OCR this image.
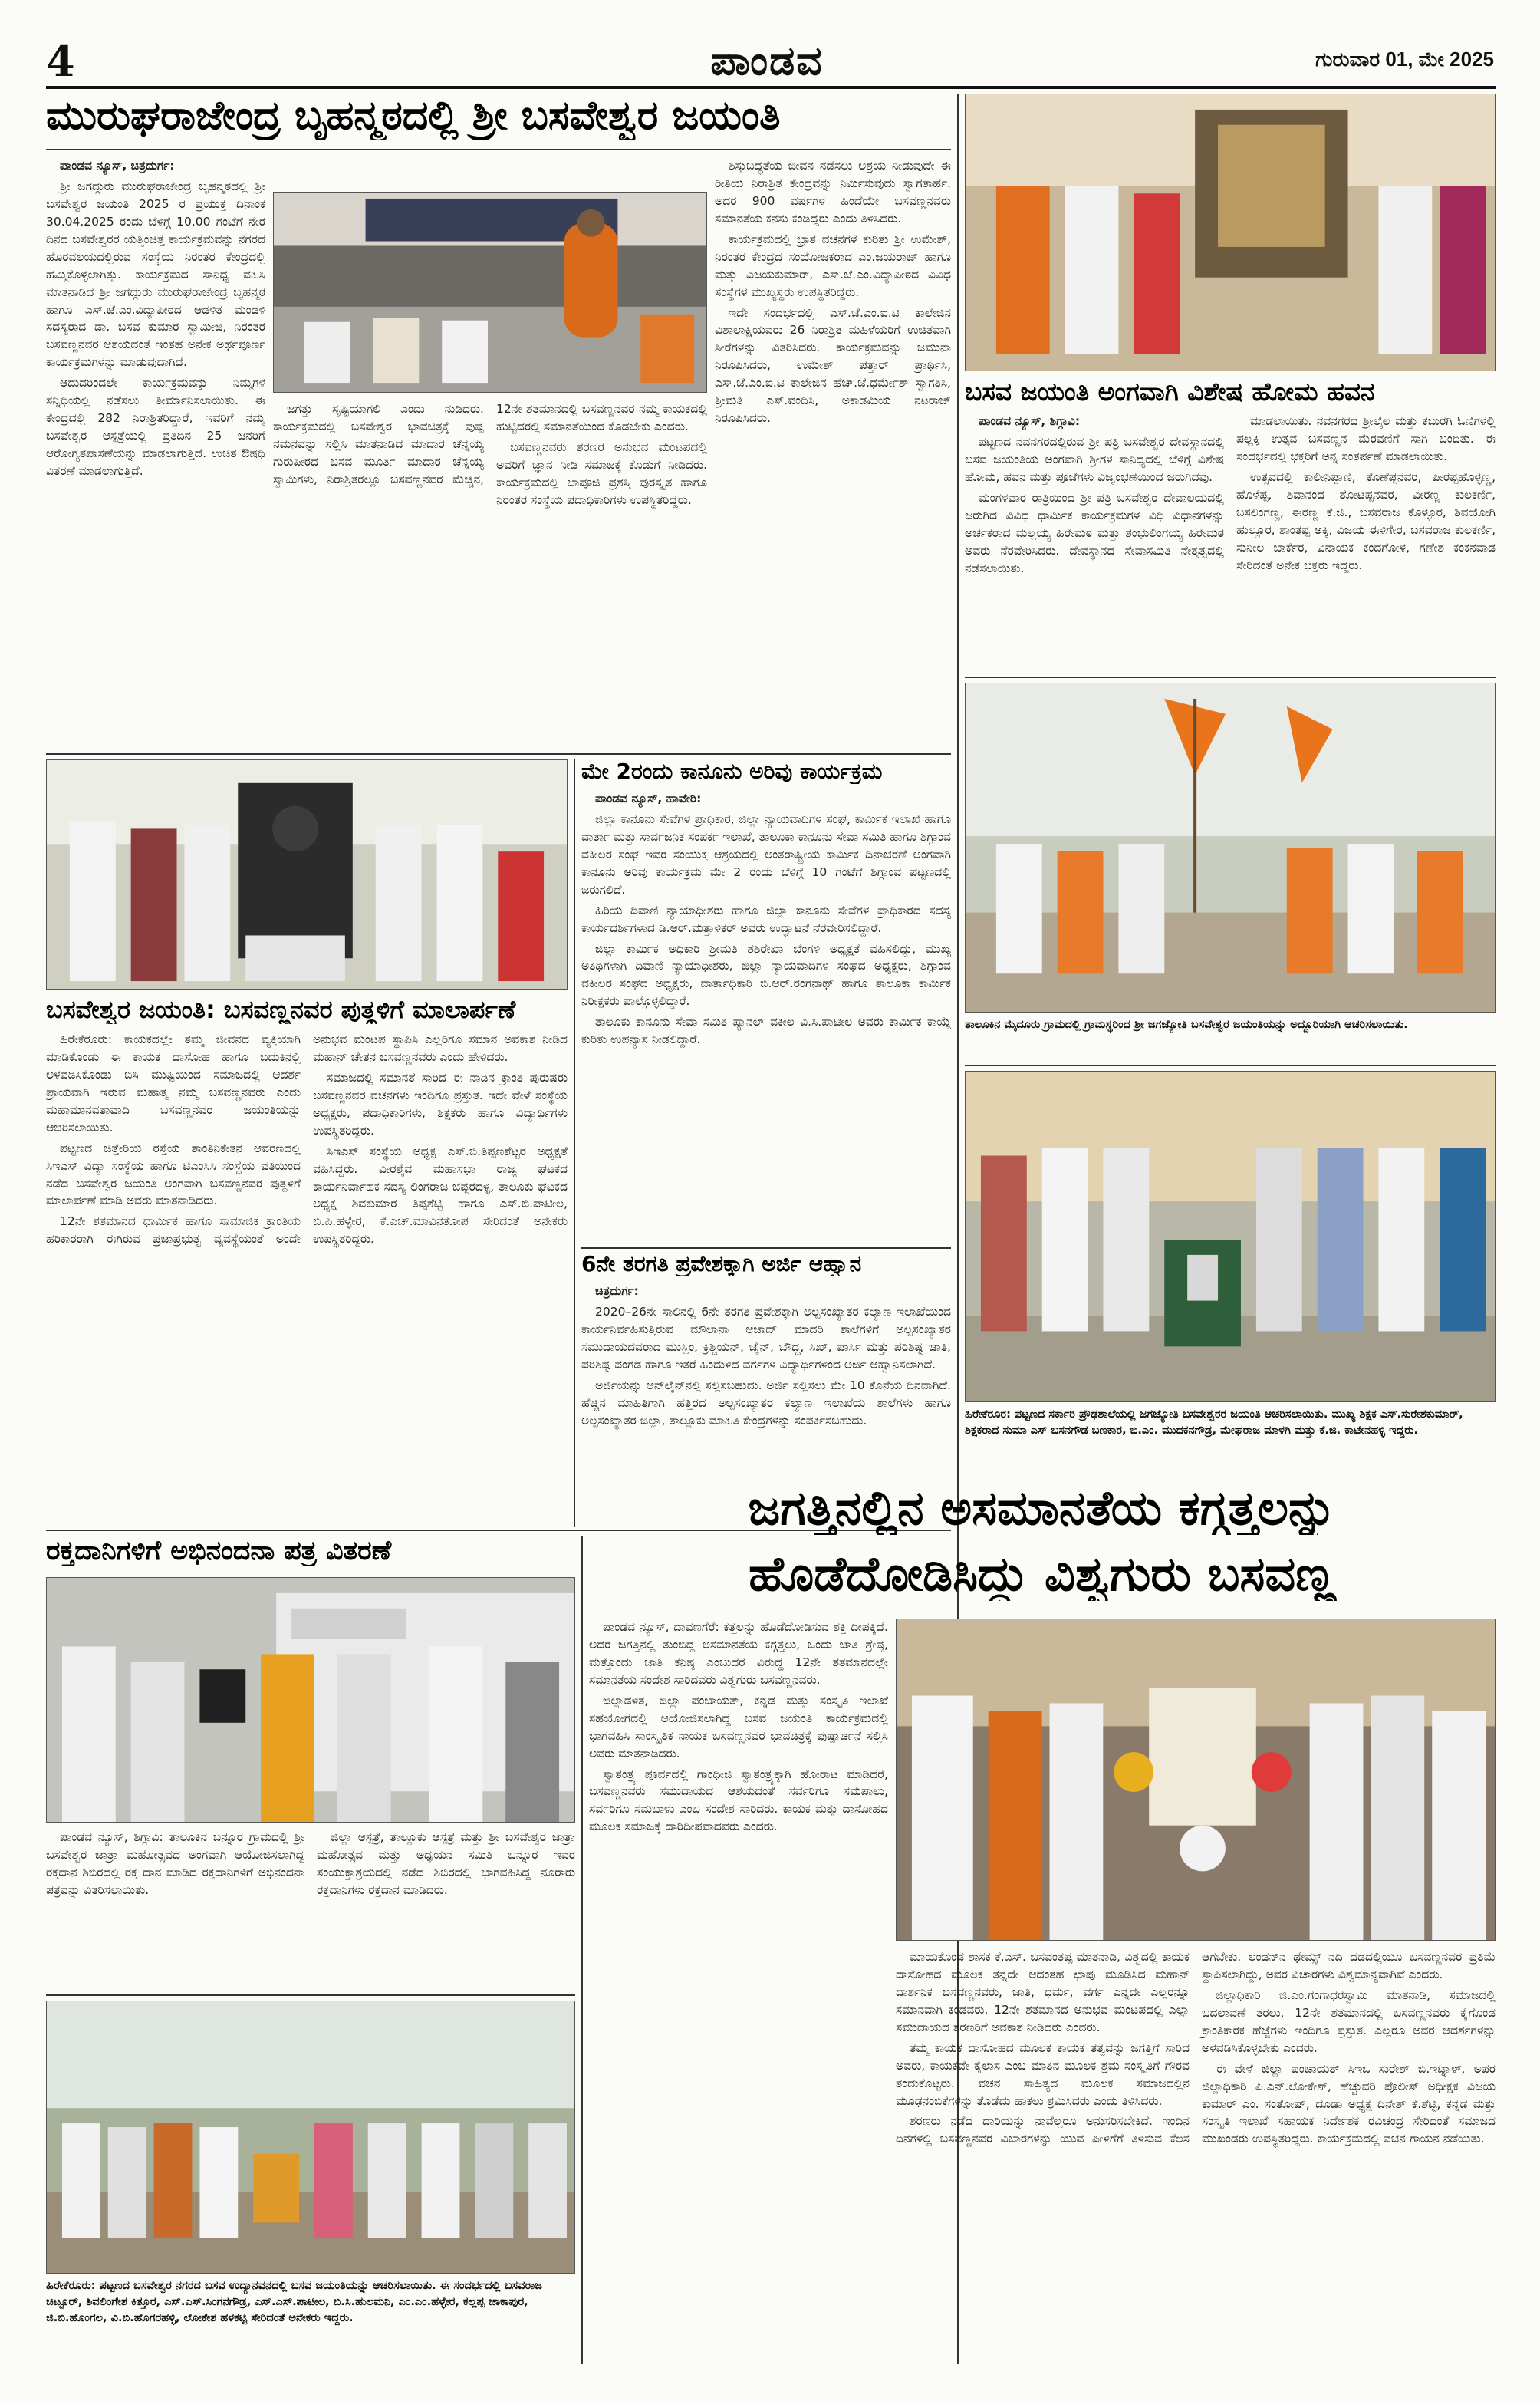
4	ಪಾಂಡವ	ಗುರುವಾರ 01, ಮೇ 2025
ಮುರುಘರಾಜೇಂದ್ರ ಬೃಹನ್ಮಠದಲ್ಲಿ ಶ್ರೀ ಬಸವೇಶ್ವರ ಜಯಂತಿ

ಪಾಂಡವ ನ್ಯೂಸ್, ಚಿತ್ರದುರ್ಗ:

ಶ್ರೀ ಜಗದ್ಗುರು ಮುರುಘರಾಜೇಂದ್ರ ಬೃಹನ್ಮಠದಲ್ಲಿ ಶ್ರೀ ಬಸವೇಶ್ವರ ಜಯಂತಿ 2025 ರ ಪ್ರಯುಕ್ತ ದಿನಾಂಕ 30.04.2025 ರಂದು ಬೆಳಿಗ್ಗೆ 10.00 ಗಂಟೆಗೆ ನೇರ ದಿನದ ಬಸವೇಶ್ವರರ ಯತ್ಕಿಂಚಿತ್ತ ಕಾರ್ಯಕ್ರಮವನ್ನು ನಗರದ ಹೊರವಲಯದಲ್ಲಿರುವ ಸಂಸ್ಥೆಯ ನಿರಂತರ ಕೇಂದ್ರದಲ್ಲಿ ಹಮ್ಮಿಕೊಳ್ಳಲಾಗಿತ್ತು. ಕಾರ್ಯಕ್ರಮದ ಸಾನಿಧ್ಯ ವಹಿಸಿ ಮಾತನಾಡಿದ ಶ್ರೀ ಜಗದ್ಗುರು ಮುರುಘರಾಜೇಂದ್ರ ಬೃಹನ್ಮಠ ಹಾಗೂ ಎಸ್.ಜೆ.ಎಂ.ವಿದ್ಯಾಪೀಠದ ಆಡಳಿತ ಮಂಡಳಿ ಸದಸ್ಯರಾದ ಡಾ. ಬಸವ ಕುಮಾರ ಸ್ವಾಮೀಜಿ, ನಿರಂತರ ಬಸವಣ್ಣನವರ ಆಶಯದಂತೆ ಇಂತಹ ಅನೇಕ ಅರ್ಥಪೂರ್ಣ ಕಾರ್ಯಕ್ರಮಗಳನ್ನು ಮಾಡುವುದಾಗಿದೆ.

ಆದುದರಿಂದಲೇ ಕಾರ್ಯಕ್ರಮವನ್ನು ನಿಮ್ಮಗಳ ಸನ್ನಿಧಿಯಲ್ಲಿ ನಡೆಸಲು ತೀರ್ಮಾನಿಸಲಾಯಿತು. ಈ ಕೇಂದ್ರದಲ್ಲಿ 282 ನಿರಾಶ್ರಿತರಿದ್ದಾರೆ, ಇವರಿಗೆ ನಮ್ಮ ಬಸವೇಶ್ವರ ಆಸ್ಪತ್ರೆಯಲ್ಲಿ ಪ್ರತಿದಿನ 25 ಜನರಿಗೆ ಆರೋಗ್ಯತಪಾಸಣೆಯನ್ನು ಮಾಡಲಾಗುತ್ತಿದೆ. ಉಚಿತ ಔಷಧಿ ವಿತರಣೆ ಮಾಡಲಾಗುತ್ತಿದೆ.

ಜಗತ್ತು ಸೃಷ್ಟಿಯಾಗಲಿ ಎಂದು ನುಡಿದರು. ಕಾರ್ಯಕ್ರಮದಲ್ಲಿ ಬಸವೇಶ್ವರ ಭಾವಚಿತ್ರಕ್ಕೆ ಪುಷ್ಪ ನಮನವನ್ನು ಸಲ್ಲಿಸಿ ಮಾತನಾಡಿದ ಮಾದಾರ ಚೆನ್ನಯ್ಯ ಗುರುಪೀಠದ ಬಸವ ಮೂರ್ತಿ ಮಾದಾರ ಚೆನ್ನಯ್ಯ ಸ್ವಾಮಿಗಳು, ನಿರಾಶ್ರಿತರಲ್ಲೂ ಬಸವಣ್ಣನವರ ಮೆಚ್ಚಿನ, 12ನೇ ಶತಮಾನದಲ್ಲಿ ಬಸವಣ್ಣನವರ ನಮ್ಮ ಕಾಯಕದಲ್ಲಿ ಹುಟ್ಟಿದರಲ್ಲಿ ಸಮಾನತೆಯಿಂದ ಕೊಡಬೇಕು ಎಂದರು.

ಬಸವಣ್ಣನವರು ಶರಣರ ಅನುಭವ ಮಂಟಪದಲ್ಲಿ ಅವರಿಗೆ ಜ್ಞಾನ ನೀಡಿ ಸಮಾಜಕ್ಕೆ ಕೊಡುಗೆ ನೀಡಿದರು. ಕಾರ್ಯಕ್ರಮದಲ್ಲಿ ಬಾಪೂಜಿ ಪ್ರಶಸ್ತಿ ಪುರಸ್ಕೃತ ಹಾಗೂ ನಿರಂತರ ಸಂಸ್ಥೆಯ ಪದಾಧಿಕಾರಿಗಳು ಉಪಸ್ಥಿತರಿದ್ದರು.

ಶಿಸ್ತುಬದ್ಧತೆಯ ಜೀವನ ನಡೆಸಲು ಅಶ್ರಯ ನೀಡುವುದೇ ಈ ರೀತಿಯ ನಿರಾಶ್ರಿತ ಕೇಂದ್ರವನ್ನು ನಿರ್ಮಿಸುವುದು ಸ್ವಾಗತಾರ್ಹ. ಅದರ 900 ವರ್ಷಗಳ ಹಿಂದೆಯೇ ಬಸವಣ್ಣನವರು ಸಮಾನತೆಯ ಕನಸು ಕಂಡಿದ್ದರು ಎಂದು ತಿಳಿಸಿದರು.

ಕಾರ್ಯಕ್ರಮದಲ್ಲಿ ಭ್ರಾತ ವಚನಗಳ ಕುರಿತು ಶ್ರೀ ಉಮೇಶ್, ನಿರಂತರ ಕೇಂದ್ರದ ಸಂಯೋಜಕರಾದ ಎಂ.ಜಯರಾಜ್ ಹಾಗೂ ಮತ್ತು ವಿಜಯಕುಮಾರ್, ಎಸ್.ಜೆ.ಎಂ.ವಿದ್ಯಾಪೀಠದ ವಿವಿಧ ಸಂಸ್ಥೆಗಳ ಮುಖ್ಯಸ್ಥರು ಉಪಸ್ಥಿತರಿದ್ದರು.

ಇದೇ ಸಂದರ್ಭದಲ್ಲಿ ಎಸ್.ಜೆ.ಎಂ.ಐ.ಟಿ ಕಾಲೇಜಿನ ವಿಶಾಲಾಕ್ಷಿಯವರು 26 ನಿರಾಶ್ರಿತ ಮಹಿಳೆಯರಿಗೆ ಉಚಿತವಾಗಿ ಸೀರೆಗಳನ್ನು ವಿತರಿಸಿದರು. ಕಾರ್ಯಕ್ರಮವನ್ನು ಜಮುನಾ ನಿರೂಪಿಸಿದರು, ಉಮೇಶ್ ಪತ್ತಾರ್ ಪ್ರಾರ್ಥಿಸಿ, ಎಸ್.ಜೆ.ಎಂ.ಐ.ಟಿ ಕಾಲೇಜಿನ ಹೆಚ್.ಜೆ.ಧರ್ಮೇಶ್ ಸ್ವಾಗತಿಸಿ, ಶ್ರೀಮತಿ ಎಸ್.ವಂದಿಸಿ, ಅಕಾಡಮಿಯ ನಟರಾಜ್ ನಿರೂಪಿಸಿದರು.

ಬಸವ ಜಯಂತಿ ಅಂಗವಾಗಿ ವಿಶೇಷ ಹೋಮ ಹವನ

ಪಾಂಡವ ನ್ಯೂಸ್, ಶಿಗ್ಗಾವಿ:

ಪಟ್ಟಣದ ನವನಗರದಲ್ಲಿರುವ ಶ್ರೀ ಪತ್ರಿ ಬಸವೇಶ್ವರ ದೇವಸ್ಥಾನದಲ್ಲಿ ಬಸವ ಜಯಂತಿಯ ಅಂಗವಾಗಿ ಶ್ರೀಗಳ ಸಾನಿಧ್ಯದಲ್ಲಿ ಬೆಳಿಗ್ಗೆ ವಿಶೇಷ ಹೋಮ, ಹವನ ಮತ್ತು ಪೂಜೆಗಳು ವಿಜೃಂಭಣೆಯಿಂದ ಜರುಗಿದವು.

ಮಂಗಳವಾರ ರಾತ್ರಿಯಿಂದ ಶ್ರೀ ಪತ್ರಿ ಬಸವೇಶ್ವರ ದೇವಾಲಯದಲ್ಲಿ ಜರುಗಿದ ವಿವಿಧ ಧಾರ್ಮಿಕ ಕಾರ್ಯಕ್ರಮಗಳ ವಿಧಿ ವಿಧಾನಗಳನ್ನು ಅರ್ಚಕರಾದ ಮಲ್ಲಯ್ಯ ಹಿರೇಮಠ ಮತ್ತು ಶಂಭುಲಿಂಗಯ್ಯ ಹಿರೇಮಠ ಅವರು ನೆರವೇರಿಸಿದರು. ದೇವಸ್ಥಾನದ ಸೇವಾಸಮಿತಿ ನೇತೃತ್ವದಲ್ಲಿ ನಡೆಸಲಾಯಿತು.

ಮಾಡಲಾಯಿತು. ನವನಗರದ ಶ್ರೀಲೈಲ ಮತ್ತು ಕಬುರಗಿ ಓಣಿಗಳಲ್ಲಿ ಪಲ್ಲಕ್ಕಿ ಉತ್ಸವ ಬಸವಣ್ಣನ ಮೆರವಣಿಗೆ ಸಾಗಿ ಬಂದಿತು. ಈ ಸಂದರ್ಭದಲ್ಲಿ ಭಕ್ತರಿಗೆ ಅನ್ನ ಸಂತರ್ಪಣೆ ಮಾಡಲಾಯಿತು.

ಉತ್ಸವದಲ್ಲಿ ಕಾಲೀನಿಪ್ಪಾಣಿ, ಕೊಣೆಪ್ಪನವರ, ಪೀರಪ್ಪಹೊಳ್ಳಣ್ಣ, ಹೊಳೆಪ್ಪ, ಶಿವಾನಂದ ತೋಟಪ್ಪನವರ, ವೀರಣ್ಣ ಕುಲಕರ್ಣಿ, ಬಸಲಿಂಗಣ್ಣ, ಈರಣ್ಣ ಕೆ.ಜಿ., ಬಸವರಾಜ ಕೊಳ್ಳೂರ, ಶಿವಯೋಗಿ ಹುಲ್ಲೂರ, ಶಾಂತಪ್ಪ ಅಕ್ಕಿ, ವಿಜಯ ಈಳಿಗೇರ, ಬಸವರಾಜ ಕುಲಕರ್ಣಿ, ಸುನೀಲ ಬಾರ್ಕೆರ, ವಿನಾಯಕ ಕಂದಗೋಳ, ಗಣೇಶ ಕಂಕನವಾಡ ಸೇರಿದಂತೆ ಅನೇಕ ಭಕ್ತರು ಇದ್ದರು.

ತಾಲೂಕಿನ ಮೈದೂರು ಗ್ರಾಮದಲ್ಲಿ ಗ್ರಾಮಸ್ಥರಿಂದ ಶ್ರೀ ಜಗಜ್ಯೋತಿ ಬಸವೇಶ್ವರ ಜಯಂತಿಯನ್ನು ಅದ್ದೂರಿಯಾಗಿ ಆಚರಿಸಲಾಯಿತು.
ಹಿರೇಕೆರೂರ: ಪಟ್ಟಣದ ಸರ್ಕಾರಿ ಪ್ರೌಢಶಾಲೆಯಲ್ಲಿ ಜಗಜ್ಯೋತಿ ಬಸವೇಶ್ವರರ ಜಯಂತಿ ಆಚರಿಸಲಾಯಿತು. ಮುಖ್ಯ ಶಿಕ್ಷಕ ಎಸ್.ಸುರೇಶಕುಮಾರ್, ಶಿಕ್ಷಕರಾದ ಸುಮಾ ಎಸ್ ಬಸನಗೌಡ ಬಣಕಾರ, ಬಿ.ಎಂ. ಮುದಕನಗೌಡ್ರ, ಮೇಘರಾಜ ಮಾಳಗಿ ಮತ್ತು ಕೆ.ಜಿ. ಕಾಟೇನಹಳ್ಳಿ ಇದ್ದರು.
ಬಸವೇಶ್ವರ ಜಯಂತಿ: ಬಸವಣ್ಣನವರ ಪುತ್ಥಳಿಗೆ ಮಾಲಾರ್ಪಣೆ

ಹಿರೇಕೆರೂರು: ಕಾಯಕದಲ್ಲೇ ತಮ್ಮ ಜೀವನದ ವ್ಯಕ್ತಿಯಾಗಿ ಮಾಡಿಕೊಂಡು ಈ ಕಾಯಕ ದಾಸೋಹ ಹಾಗೂ ಬದುಕಿನಲ್ಲಿ ಅಳವಡಿಸಿಕೊಂಡು ಬಿಸಿ ಮುಷ್ಟಿಯಿಂದ ಸಮಾಜದಲ್ಲಿ ಆದರ್ಶ ಪ್ರಾಯವಾಗಿ ಇರುವ ಮಹಾತ್ಮ ನಮ್ಮ ಬಸವಣ್ಣನವರು ಎಂದು ಮಹಾಮಾನವತಾವಾದಿ ಬಸವಣ್ಣನವರ ಜಯಂತಿಯನ್ನು ಆಚರಿಸಲಾಯಿತು.

ಪಟ್ಟಣದ ಚಿತ್ತೇರಿಯ ರಸ್ತೆಯ ಶಾಂತಿನಿಕೇತನ ಆವರಣದಲ್ಲಿ ಸಿಇಎಸ್ ವಿದ್ಯಾ ಸಂಸ್ಥೆಯ ಹಾಗೂ ಟಿಎಂಸಿಸಿ ಸಂಸ್ಥೆಯ ವತಿಯಿಂದ ನಡೆದ ಬಸವೇಶ್ವರ ಜಯಂತಿ ಅಂಗವಾಗಿ ಬಸವಣ್ಣನವರ ಪುತ್ಥಳಿಗೆ ಮಾಲಾರ್ಪಣೆ ಮಾಡಿ ಅವರು ಮಾತನಾಡಿದರು.

12ನೇ ಶತಮಾನದ ಧಾರ್ಮಿಕ ಹಾಗೂ ಸಾಮಾಜಿಕ ಕ್ರಾಂತಿಯ ಹರಿಕಾರರಾಗಿ ಈಗಿರುವ ಪ್ರಜಾಪ್ರಭುತ್ವ ವ್ಯವಸ್ಥೆಯಂತೆ ಅಂದೇ ಅನುಭವ ಮಂಟಪ ಸ್ಥಾಪಿಸಿ ಎಲ್ಲರಿಗೂ ಸಮಾನ ಅವಕಾಶ ನೀಡಿದ ಮಹಾನ್ ಚೇತನ ಬಸವಣ್ಣನವರು ಎಂದು ಹೇಳಿದರು.

ಸಮಾಜದಲ್ಲಿ ಸಮಾನತೆ ಸಾರಿದ ಈ ನಾಡಿನ ಕ್ರಾಂತಿ ಪುರುಷರು ಬಸವಣ್ಣನವರ ವಚನಗಳು ಇಂದಿಗೂ ಪ್ರಸ್ತುತ. ಇದೇ ವೇಳೆ ಸಂಸ್ಥೆಯ ಅಧ್ಯಕ್ಷರು, ಪದಾಧಿಕಾರಿಗಳು, ಶಿಕ್ಷಕರು ಹಾಗೂ ವಿದ್ಯಾರ್ಥಿಗಳು ಉಪಸ್ಥಿತರಿದ್ದರು.

ಸಿಇಎಸ್ ಸಂಸ್ಥೆಯ ಅಧ್ಯಕ್ಷ ಎಸ್.ಬಿ.ತಿಪ್ಪಣಶೆಟ್ಟರ ಅಧ್ಯಕ್ಷತೆ ವಹಿಸಿದ್ದರು. ವೀರಶೈವ ಮಹಾಸಭಾ ರಾಜ್ಯ ಘಟಕದ ಕಾರ್ಯನಿರ್ವಾಹಕ ಸದಸ್ಯ ಲಿಂಗರಾಜ ಚಪ್ಪರದಳ್ಳಿ, ತಾಲೂಕು ಘಟಕದ ಅಧ್ಯಕ್ಷ ಶಿವಕುಮಾರ ತಿಪ್ಪಶೆಟ್ಟಿ ಹಾಗೂ ಎಸ್.ಬಿ.ಪಾಟೀಲ, ಬಿ.ಪಿ.ಹಳ್ಳೇರ, ಕೆ.ಎಚ್.ಮಾವಿನತೋಪ ಸೇರಿದಂತೆ ಅನೇಕರು ಉಪಸ್ಥಿತರಿದ್ದರು.

ಮೇ 2ರಂದು ಕಾನೂನು ಅರಿವು ಕಾರ್ಯಕ್ರಮ

ಪಾಂಡವ ನ್ಯೂಸ್, ಹಾವೇರಿ:

ಜಿಲ್ಲಾ ಕಾನೂನು ಸೇವೆಗಳ ಪ್ರಾಧಿಕಾರ, ಜಿಲ್ಲಾ ನ್ಯಾಯವಾದಿಗಳ ಸಂಘ, ಕಾರ್ಮಿಕ ಇಲಾಖೆ ಹಾಗೂ ವಾರ್ತಾ ಮತ್ತು ಸಾರ್ವಜನಿಕ ಸಂಪರ್ಕ ಇಲಾಖೆ, ತಾಲೂಕಾ ಕಾನೂನು ಸೇವಾ ಸಮಿತಿ ಹಾಗೂ ಶಿಗ್ಗಾಂವ ವಕೀಲರ ಸಂಘ ಇವರ ಸಂಯುಕ್ತ ಆಶ್ರಯದಲ್ಲಿ ಅಂತರಾಷ್ಟ್ರೀಯ ಕಾರ್ಮಿಕ ದಿನಾಚರಣೆ ಅಂಗವಾಗಿ ಕಾನೂನು ಅರಿವು ಕಾರ್ಯಕ್ರಮ ಮೇ 2 ರಂದು ಬೆಳಿಗ್ಗೆ 10 ಗಂಟೆಗೆ ಶಿಗ್ಗಾಂವ ಪಟ್ಟಣದಲ್ಲಿ ಜರುಗಲಿದೆ.

ಹಿರಿಯ ದಿವಾಣಿ ನ್ಯಾಯಾಧೀಶರು ಹಾಗೂ ಜಿಲ್ಲಾ ಕಾನೂನು ಸೇವೆಗಳ ಪ್ರಾಧಿಕಾರದ ಸದಸ್ಯ ಕಾರ್ಯದರ್ಶಿಗಳಾದ ಡಿ.ಆರ್.ಮತ್ತಾಳಿಕರ್ ಅವರು ಉದ್ಘಾಟನೆ ನೆರವೇರಿಸಲಿದ್ದಾರೆ.

ಜಿಲ್ಲಾ ಕಾರ್ಮಿಕ ಅಧಿಕಾರಿ ಶ್ರೀಮತಿ ಶಶಿರೇಖಾ ಬೆಂಗಳಿ ಅಧ್ಯಕ್ಷತೆ ವಹಿಸಲಿದ್ದು, ಮುಖ್ಯ ಅತಿಥಿಗಳಾಗಿ ದಿವಾಣಿ ನ್ಯಾಯಾಧೀಶರು, ಜಿಲ್ಲಾ ನ್ಯಾಯವಾದಿಗಳ ಸಂಘದ ಅಧ್ಯಕ್ಷರು, ಶಿಗ್ಗಾಂವ ವಕೀಲರ ಸಂಘದ ಅಧ್ಯಕ್ಷರು, ವಾರ್ತಾಧಿಕಾರಿ ಬಿ.ಆರ್.ರಂಗನಾಥ್ ಹಾಗೂ ತಾಲೂಕಾ ಕಾರ್ಮಿಕ ನಿರೀಕ್ಷಕರು ಪಾಲ್ಗೊಳ್ಳಲಿದ್ದಾರೆ.

ತಾಲೂಕು ಕಾನೂನು ಸೇವಾ ಸಮಿತಿ ಪ್ಯಾನಲ್ ವಕೀಲ ವಿ.ಸಿ.ಪಾಟೀಲ ಅವರು ಕಾರ್ಮಿಕ ಕಾಯ್ದೆ ಕುರಿತು ಉಪನ್ಯಾಸ ನೀಡಲಿದ್ದಾರೆ.

6ನೇ ತರಗತಿ ಪ್ರವೇಶಕ್ಕಾಗಿ ಅರ್ಜಿ ಆಹ್ವಾನ

ಚಿತ್ರದುರ್ಗ:

2020–26ನೇ ಸಾಲಿನಲ್ಲಿ 6ನೇ ತರಗತಿ ಪ್ರವೇಶಕ್ಕಾಗಿ ಅಲ್ಪಸಂಖ್ಯಾತರ ಕಲ್ಯಾಣ ಇಲಾಖೆಯಿಂದ ಕಾರ್ಯನಿರ್ವಹಿಸುತ್ತಿರುವ ಮೌಲಾನಾ ಆಜಾದ್ ಮಾದರಿ ಶಾಲೆಗಳಿಗೆ ಅಲ್ಪಸಂಖ್ಯಾತರ ಸಮುದಾಯದವರಾದ ಮುಸ್ಲಿಂ, ಕ್ರಿಶ್ಚಿಯನ್, ಜೈನ್, ಬೌದ್ಧ, ಸಿಖ್, ಪಾರ್ಸಿ ಮತ್ತು ಪರಿಶಿಷ್ಟ ಜಾತಿ, ಪರಿಶಿಷ್ಟ ಪಂಗಡ ಹಾಗೂ ಇತರೆ ಹಿಂದುಳಿದ ವರ್ಗಗಳ ವಿದ್ಯಾರ್ಥಿಗಳಿಂದ ಅರ್ಜಿ ಆಹ್ವಾನಿಸಲಾಗಿದೆ.

ಅರ್ಜಿಯನ್ನು ಆನ್‌ಲೈನ್‌ನಲ್ಲಿ ಸಲ್ಲಿಸಬಹುದು. ಅರ್ಜಿ ಸಲ್ಲಿಸಲು ಮೇ 10 ಕೊನೆಯ ದಿನವಾಗಿದೆ. ಹೆಚ್ಚಿನ ಮಾಹಿತಿಗಾಗಿ ಹತ್ತಿರದ ಅಲ್ಪಸಂಖ್ಯಾತರ ಕಲ್ಯಾಣ ಇಲಾಖೆಯ ಶಾಲೆಗಳು ಹಾಗೂ ಅಲ್ಪಸಂಖ್ಯಾತರ ಜಿಲ್ಲಾ, ತಾಲ್ಲೂಕು ಮಾಹಿತಿ ಕೇಂದ್ರಗಳನ್ನು ಸಂಪರ್ಕಿಸಬಹುದು.

ರಕ್ತದಾನಿಗಳಿಗೆ ಅಭಿನಂದನಾ ಪತ್ರ ವಿತರಣೆ

ಪಾಂಡವ ನ್ಯೂಸ್, ಶಿಗ್ಗಾವಿ: ತಾಲೂಕಿನ ಬನ್ನೂರ ಗ್ರಾಮದಲ್ಲಿ ಶ್ರೀ ಬಸವೇಶ್ವರ ಜಾತ್ರಾ ಮಹೋತ್ಸವದ ಅಂಗವಾಗಿ ಆಯೋಜಿಸಲಾಗಿದ್ದ ರಕ್ತದಾನ ಶಿಬಿರದಲ್ಲಿ ರಕ್ತ ದಾನ ಮಾಡಿದ ರಕ್ತದಾನಿಗಳಿಗೆ ಅಭಿನಂದನಾ ಪತ್ರವನ್ನು ವಿತರಿಸಲಾಯಿತು.

ಜಿಲ್ಲಾ ಆಸ್ಪತ್ರೆ, ತಾಲ್ಲೂಕು ಆಸ್ಪತ್ರೆ ಮತ್ತು ಶ್ರೀ ಬಸವೇಶ್ವರ ಜಾತ್ರಾ ಮಹೋತ್ಸವ ಮತ್ತು ಅಧ್ಯಯನ ಸಮಿತಿ ಬನ್ನೂರ ಇವರ ಸಂಯುಕ್ತಾಶ್ರಯದಲ್ಲಿ ನಡೆದ ಶಿಬಿರದಲ್ಲಿ ಭಾಗವಹಿಸಿದ್ದ ನೂರಾರು ರಕ್ತದಾನಿಗಳು ರಕ್ತದಾನ ಮಾಡಿದರು.

ಹಿರೇಕೆರೂರು: ಪಟ್ಟಣದ ಬಸವೇಶ್ವರ ನಗರದ ಬಸವ ಉದ್ಯಾನವನದಲ್ಲಿ ಬಸವ ಜಯಂತಿಯನ್ನು ಆಚರಿಸಲಾಯಿತು. ಈ ಸಂದರ್ಭದಲ್ಲಿ ಬಸವರಾಜ ಚಿಟ್ಟೂರ್, ಶಿವಲಿಂಗೇಶ ಕಿತ್ತೂರ, ಎಸ್.ಎಸ್.ಸಿಂಗನಗೌಡ್ರ, ಎಸ್.ಎಸ್.ಪಾಟೀಲ, ಬಿ.ಸಿ.ಹುಲಮನಿ, ಎಂ.ಎಂ.ಹಳ್ಳೇರ, ಕಲ್ಲಪ್ಪ ಚಾಕಾಪುರ, ಜಿ.ಬಿ.ಹೊಂಗಲ, ವಿ.ಬಿ.ಹೊಗರಹಳ್ಳಿ, ಲೋಕೇಶ ಹಳಕಟ್ಟಿ ಸೇರಿದಂತೆ ಅನೇಕರು ಇದ್ದರು.
ಜಗತ್ತಿನಲ್ಲಿನ ಅಸಮಾನತೆಯ ಕಗ್ಗತ್ತಲನ್ನು
ಹೊಡೆದೋಡಿಸಿದ್ದು ವಿಶ್ವಗುರು ಬಸವಣ್ಣ

ಪಾಂಡವ ನ್ಯೂಸ್, ದಾವಣಗೆರೆ: ಕತ್ತಲನ್ನು ಹೊಡೆದೋಡಿಸುವ ಶಕ್ತಿ ದೀಪಕ್ಕಿದೆ. ಅದರ ಜಗತ್ತಿನಲ್ಲಿ ತುಂಬಿದ್ದ ಅಸಮಾನತೆಯ ಕಗ್ಗತ್ತಲು, ಒಂದು ಜಾತಿ ಶ್ರೇಷ್ಠ, ಮತ್ತೊಂದು ಜಾತಿ ಕನಿಷ್ಠ ಎಂಬುದರ ವಿರುದ್ಧ 12ನೇ ಶತಮಾನದಲ್ಲೇ ಸಮಾನತೆಯ ಸಂದೇಶ ಸಾರಿದವರು ವಿಶ್ವಗುರು ಬಸವಣ್ಣನವರು.

ಜಿಲ್ಲಾಡಳಿತ, ಜಿಲ್ಲಾ ಪಂಚಾಯತ್, ಕನ್ನಡ ಮತ್ತು ಸಂಸ್ಕೃತಿ ಇಲಾಖೆ ಸಹಯೋಗದಲ್ಲಿ ಆಯೋಜಿಸಲಾಗಿದ್ದ ಬಸವ ಜಯಂತಿ ಕಾರ್ಯಕ್ರಮದಲ್ಲಿ ಭಾಗವಹಿಸಿ ಸಾಂಸ್ಕೃತಿಕ ನಾಯಕ ಬಸವಣ್ಣನವರ ಭಾವಚಿತ್ರಕ್ಕೆ ಪುಷ್ಪಾರ್ಚನೆ ಸಲ್ಲಿಸಿ ಅವರು ಮಾತನಾಡಿದರು.

ಸ್ವಾತಂತ್ರ್ಯ ಪೂರ್ವದಲ್ಲಿ ಗಾಂಧೀಜಿ ಸ್ವಾತಂತ್ರ್ಯಕ್ಕಾಗಿ ಹೋರಾಟ ಮಾಡಿದರೆ, ಬಸವಣ್ಣನವರು ಸಮುದಾಯದ ಆಶಯದಂತೆ ಸರ್ವರಿಗೂ ಸಮಪಾಲು, ಸರ್ವರಿಗೂ ಸಮಬಾಳು ಎಂಬ ಸಂದೇಶ ಸಾರಿದರು. ಕಾಯಕ ಮತ್ತು ದಾಸೋಹದ ಮೂಲಕ ಸಮಾಜಕ್ಕೆ ದಾರಿದೀಪವಾದವರು ಎಂದರು.

ಮಾಯಕೊಂಡ ಶಾಸಕ ಕೆ.ಎಸ್. ಬಸವಂತಪ್ಪ ಮಾತನಾಡಿ, ವಿಶ್ವದಲ್ಲಿ ಕಾಯಕ ದಾಸೋಹದ ಮೂಲಕ ತನ್ನದೇ ಆದಂತಹ ಛಾಪು ಮೂಡಿಸಿದ ಮಹಾನ್ ದಾರ್ಶನಿಕ ಬಸವಣ್ಣನವರು, ಜಾತಿ, ಧರ್ಮ, ವರ್ಗ ಎನ್ನದೇ ಎಲ್ಲರನ್ನೂ ಸಮಾನವಾಗಿ ಕಂಡವರು. 12ನೇ ಶತಮಾನದ ಅನುಭವ ಮಂಟಪದಲ್ಲಿ ಎಲ್ಲಾ ಸಮುದಾಯದ ಶರಣರಿಗೆ ಅವಕಾಶ ನೀಡಿದರು ಎಂದರು.

ತಮ್ಮ ಕಾಯಕ ದಾಸೋಹದ ಮೂಲಕ ಕಾಯಕ ತತ್ವವನ್ನು ಜಗತ್ತಿಗೆ ಸಾರಿದ ಅವರು, ಕಾಯಕವೇ ಕೈಲಾಸ ಎಂಬ ಮಾತಿನ ಮೂಲಕ ಶ್ರಮ ಸಂಸ್ಕೃತಿಗೆ ಗೌರವ ತಂದುಕೊಟ್ಟರು. ವಚನ ಸಾಹಿತ್ಯದ ಮೂಲಕ ಸಮಾಜದಲ್ಲಿನ ಮೂಢನಂಬಿಕೆಗಳನ್ನು ತೊಡೆದು ಹಾಕಲು ಶ್ರಮಿಸಿದರು ಎಂದು ತಿಳಿಸಿದರು.

ಶರಣರು ನಡೆದ ದಾರಿಯನ್ನು ನಾವೆಲ್ಲರೂ ಅನುಸರಿಸಬೇಕಿದೆ. ಇಂದಿನ ದಿನಗಳಲ್ಲಿ ಬಸವಣ್ಣನವರ ವಿಚಾರಗಳನ್ನು ಯುವ ಪೀಳಿಗೆಗೆ ತಿಳಿಸುವ ಕೆಲಸ ಆಗಬೇಕು. ಲಂಡನ್‌ನ ಥೇಮ್ಸ್ ನದಿ ದಡದಲ್ಲಿಯೂ ಬಸವಣ್ಣನವರ ಪ್ರತಿಮೆ ಸ್ಥಾಪಿಸಲಾಗಿದ್ದು, ಅವರ ವಿಚಾರಗಳು ವಿಶ್ವಮಾನ್ಯವಾಗಿವೆ ಎಂದರು.

ಜಿಲ್ಲಾಧಿಕಾರಿ ಜಿ.ಎಂ.ಗಂಗಾಧರಸ್ವಾಮಿ ಮಾತನಾಡಿ, ಸಮಾಜದಲ್ಲಿ ಬದಲಾವಣೆ ತರಲು, 12ನೇ ಶತಮಾನದಲ್ಲಿ ಬಸವಣ್ಣನವರು ಕೈಗೊಂಡ ಕ್ರಾಂತಿಕಾರಕ ಹೆಜ್ಜೆಗಳು ಇಂದಿಗೂ ಪ್ರಸ್ತುತ. ಎಲ್ಲರೂ ಅವರ ಆದರ್ಶಗಳನ್ನು ಅಳವಡಿಸಿಕೊಳ್ಳಬೇಕು ಎಂದರು.

ಈ ವೇಳೆ ಜಿಲ್ಲಾ ಪಂಚಾಯತ್ ಸಿಇಒ ಸುರೇಶ್ ಬಿ.ಇಟ್ನಾಳ್, ಅಪರ ಜಿಲ್ಲಾಧಿಕಾರಿ ಪಿ.ಎನ್.ಲೋಕೇಶ್, ಹೆಚ್ಚುವರಿ ಪೊಲೀಸ್ ಅಧೀಕ್ಷಕ ವಿಜಯ ಕುಮಾರ್ ಎಂ. ಸಂತೋಷ್, ದೂಡಾ ಅಧ್ಯಕ್ಷ ದಿನೇಶ್ ಕೆ.ಶೆಟ್ಟಿ, ಕನ್ನಡ ಮತ್ತು ಸಂಸ್ಕೃತಿ ಇಲಾಖೆ ಸಹಾಯಕ ನಿರ್ದೇಶಕ ರವಿಚಂದ್ರ ಸೇರಿದಂತೆ ಸಮಾಜದ ಮುಖಂಡರು ಉಪಸ್ಥಿತರಿದ್ದರು. ಕಾರ್ಯಕ್ರಮದಲ್ಲಿ ವಚನ ಗಾಯನ ನಡೆಯಿತು.
